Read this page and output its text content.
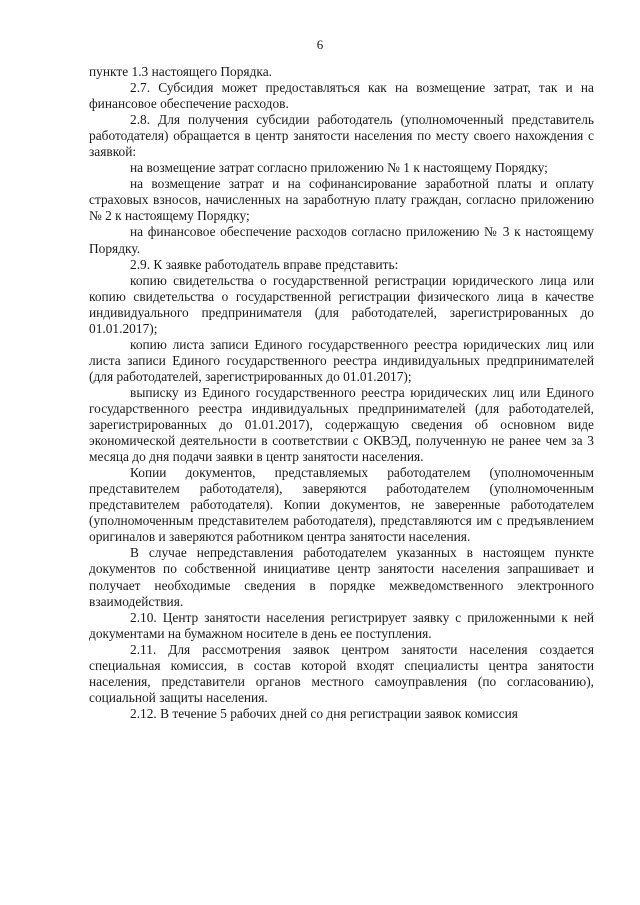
6

пункте 1.3 настоящего Порядка.

2.7. Субсидия может предоставляться как на возмещение затрат, так и на финансовое обеспечение расходов.

2.8. Для получения субсидии работодатель (уполномоченный представитель работодателя) обращается в центр занятости населения по месту своего нахождения с заявкой:

на возмещение затрат согласно приложению № 1 к настоящему Порядку;

на возмещение затрат и на софинансирование заработной платы и оплату страховых взносов, начисленных на заработную плату граждан, согласно приложению № 2 к настоящему Порядку;

на финансовое обеспечение расходов согласно приложению № 3 к настоящему Порядку.

2.9. К заявке работодатель вправе представить:

копию свидетельства о государственной регистрации юридического лица или копию свидетельства о государственной регистрации физического лица в качестве индивидуального предпринимателя (для работодателей, зарегистрированных до 01.01.2017);

копию листа записи Единого государственного реестра юридических лиц или листа записи Единого государственного реестра индивидуальных предпринимателей (для работодателей, зарегистрированных до 01.01.2017);

выписку из Единого государственного реестра юридических лиц или Единого государственного реестра индивидуальных предпринимателей (для работодателей, зарегистрированных до 01.01.2017), содержащую сведения об основном виде экономической деятельности в соответствии с ОКВЭД, полученную не ранее чем за 3 месяца до дня подачи заявки в центр занятости населения.

Копии документов, представляемых работодателем (уполномоченным представителем работодателя), заверяются работодателем (уполномоченным представителем работодателя). Копии документов, не заверенные работодателем (уполномоченным представителем работодателя), представляются им с предъявлением оригиналов и заверяются работником центра занятости населения.

В случае непредставления работодателем указанных в настоящем пункте документов по собственной инициативе центр занятости населения запрашивает и получает необходимые сведения в порядке межведомственного электронного взаимодействия.

2.10. Центр занятости населения регистрирует заявку с приложенными к ней документами на бумажном носителе в день ее поступления.

2.11. Для рассмотрения заявок центром занятости населения создается специальная комиссия, в состав которой входят специалисты центра занятости населения, представители органов местного самоуправления (по согласованию), социальной защиты населения.

2.12. В течение 5 рабочих дней со дня регистрации заявок комиссия
